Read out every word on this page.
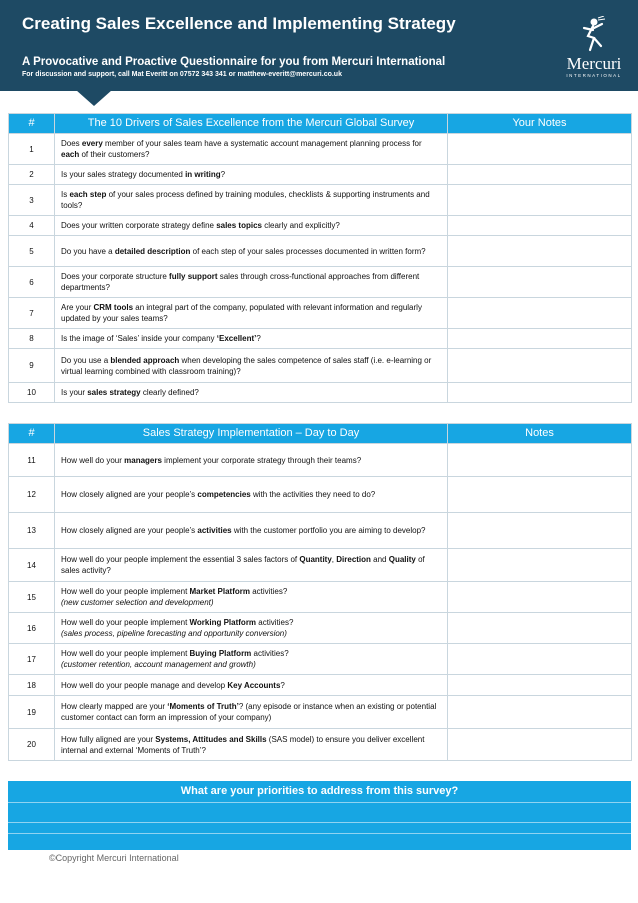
Creating Sales Excellence and Implementing Strategy
A Provocative and Proactive Questionnaire for you from Mercuri International
For discussion and support, call Mat Everitt on 07572 343 341 or matthew-everitt@mercuri.co.uk
Mercuri
INTERNATIONAL
#	The 10 Drivers of Sales Excellence from the Mercuri Global Survey	Your Notes
1	Does every member of your sales team have a systematic account management planning process for each of their customers?	
2	Is your sales strategy documented in writing?	
3	Is each step of your sales process defined by training modules, checklists & supporting instruments and tools?	
4	Does your written corporate strategy define sales topics clearly and explicitly?	
5	Do you have a detailed description of each step of your sales processes documented in written form?	
6	Does your corporate structure fully support sales through cross-functional approaches from different departments?	
7	Are your CRM tools an integral part of the company, populated with relevant information and regularly updated by your sales teams?	
8	Is the image of ‘Sales’ inside your company ‘Excellent’?	
9	Do you use a blended approach when developing the sales competence of sales staff (i.e. e-learning or virtual learning combined with classroom training)?	
10	Is your sales strategy clearly defined?	
#	Sales Strategy Implementation – Day to Day	Notes
11	How well do your managers implement your corporate strategy through their teams?	
12	How closely aligned are your people’s competencies with the activities they need to do?	
13	How closely aligned are your people’s activities with the customer portfolio you are aiming to develop?	
14	How well do your people implement the essential 3 sales factors of Quantity, Direction and Quality of sales activity?	
15	How well do your people implement Market Platform activities?
(new customer selection and development)	
16	How well do your people implement Working Platform activities?
(sales process, pipeline forecasting and opportunity conversion)	
17	How well do your people implement Buying Platform activities?
(customer retention, account management and growth)	
18	How well do your people manage and develop Key Accounts?	
19	How clearly mapped are your ‘Moments of Truth’? (any episode or instance when an existing or potential customer contact can form an impression of your company)	
20	How fully aligned are your Systems, Attitudes and Skills (SAS model) to ensure you deliver excellent internal and external ‘Moments of Truth’?	
What are your priorities to address from this survey?
©Copyright Mercuri International
